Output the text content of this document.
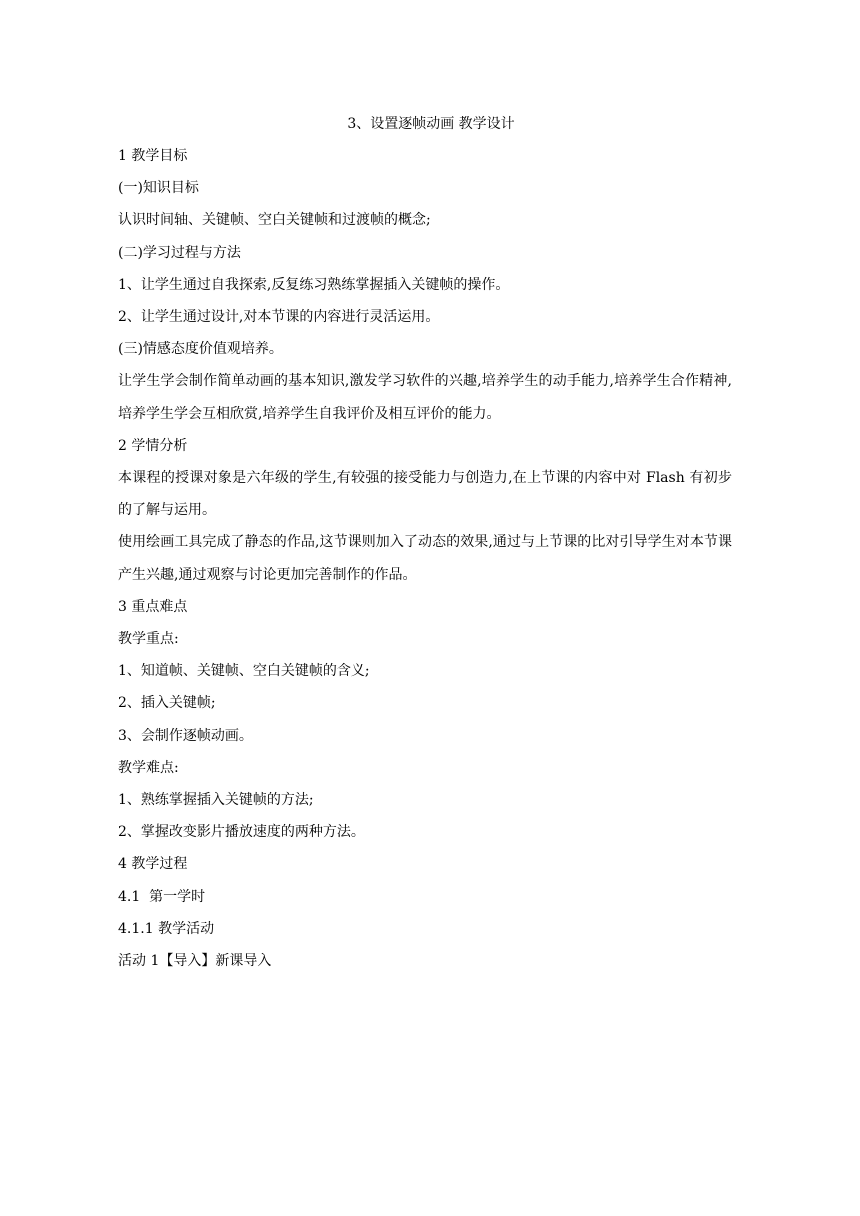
3、设置逐帧动画 教学设计

1 教学目标

(一)知识目标

认识时间轴、关键帧、空白关键帧和过渡帧的概念;

(二)学习过程与方法

1、让学生通过自我探索,反复练习熟练掌握插入关键帧的操作。

2、让学生通过设计,对本节课的内容进行灵活运用。

(三)情感态度价值观培养。

让学生学会制作简单动画的基本知识,激发学习软件的兴趣,培养学生的动手能力,培养学生合作精神,培养学生学会互相欣赏,培养学生自我评价及相互评价的能力。

2 学情分析

本课程的授课对象是六年级的学生,有较强的接受能力与创造力,在上节课的内容中对 Flash 有初步的了解与运用。

使用绘画工具完成了静态的作品,这节课则加入了动态的效果,通过与上节课的比对引导学生对本节课产生兴趣,通过观察与讨论更加完善制作的作品。

3 重点难点

教学重点:

1、知道帧、关键帧、空白关键帧的含义;

2、插入关键帧;

3、会制作逐帧动画。

教学难点:

1、熟练掌握插入关键帧的方法;

2、掌握改变影片播放速度的两种方法。

4 教学过程

4.1  第一学时

4.1.1 教学活动

活动 1【导入】新课导入
